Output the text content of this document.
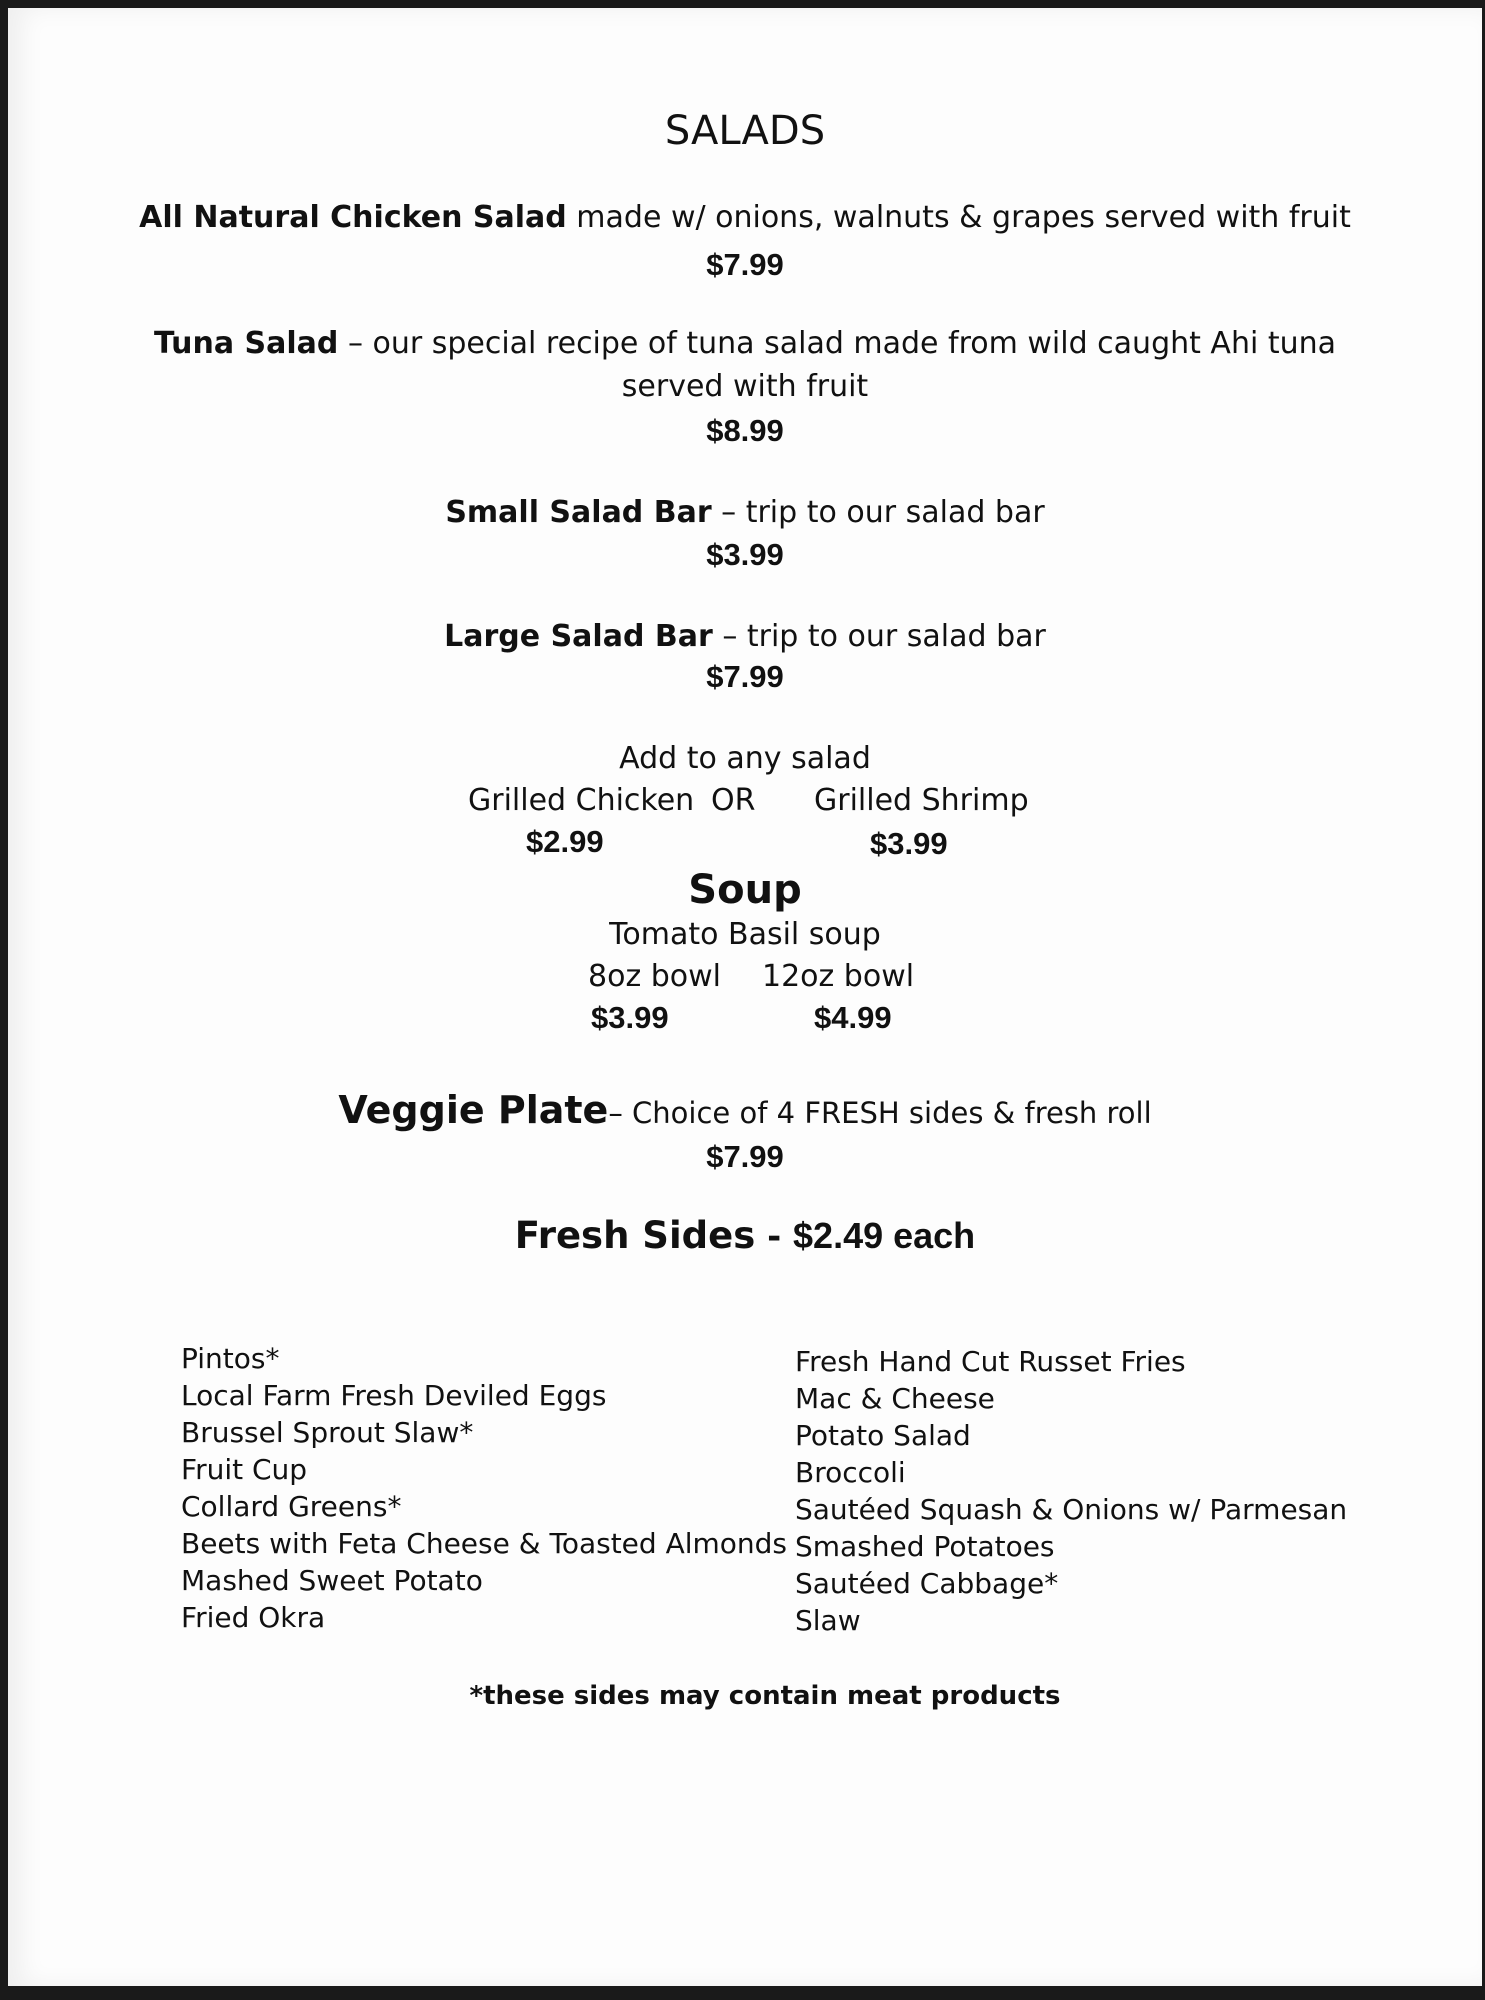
SALADS
All Natural Chicken Salad made w/ onions, walnuts & grapes served with fruit
$7.99
Tuna Salad – our special recipe of tuna salad made from wild caught Ahi tuna
served with fruit
$8.99
Small Salad Bar – trip to our salad bar
$3.99
Large Salad Bar – trip to our salad bar
$7.99
Add to any salad
Grilled Chicken OR Grilled Shrimp
$2.99	$3.99
Soup
Tomato Basil soup
8oz bowl 12oz bowl
$3.99	$4.99
Veggie Plate– Choice of 4 FRESH sides & fresh roll
$7.99
Fresh Sides - $2.49 each
Pintos*
Local Farm Fresh Deviled Eggs
Brussel Sprout Slaw*
Fruit Cup
Collard Greens*
Beets with Feta Cheese & Toasted Almonds
Mashed Sweet Potato
Fried Okra
Fresh Hand Cut Russet Fries
Mac & Cheese
Potato Salad
Broccoli
Sautéed Squash & Onions w/ Parmesan
Smashed Potatoes
Sautéed Cabbage*
Slaw
*these sides may contain meat products
